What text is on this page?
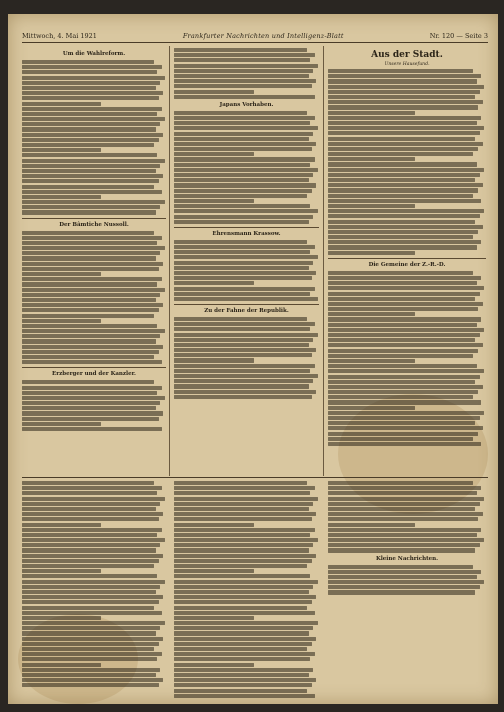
Mittwoch, 4. Mai 1921	Frankfurter Nachrichten und Intelligenz-Blatt	Nr. 120 — Seite 3
Um die Wahlreform.
Der Bâmtiche Nussoll.
Erzberger und der Kanzler.
Japans Vorhaben.
Ehrensmann Krassow.
Zu der Fahne der Republik.
Aus der Stadt.
Unsere Hausefund.
Die Gemeine der Z.-R.-D.
Kleine Nachrichten.
